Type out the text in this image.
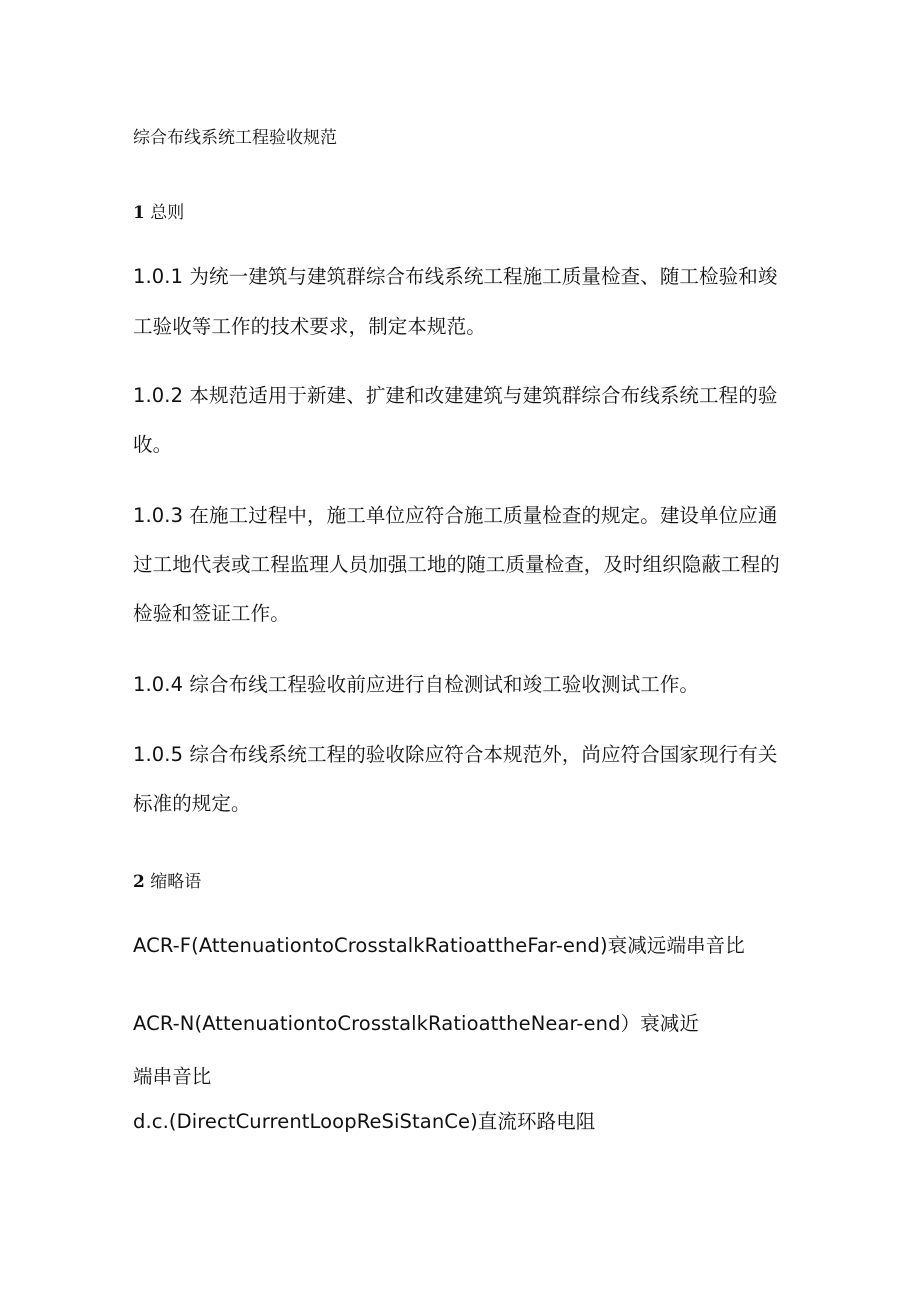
综合布线系统工程验收规范

1 总则

1.0.1 为统一建筑与建筑群综合布线系统工程施工质量检查、随工检验和竣

工验收等工作的技术要求，制定本规范。

1.0.2 本规范适用于新建、扩建和改建建筑与建筑群综合布线系统工程的验

收。

1.0.3 在施工过程中，施工单位应符合施工质量检查的规定。建设单位应通

过工地代表或工程监理人员加强工地的随工质量检查，及时组织隐蔽工程的

检验和签证工作。

1.0.4 综合布线工程验收前应进行自检测试和竣工验收测试工作。

1.0.5 综合布线系统工程的验收除应符合本规范外，尚应符合国家现行有关

标准的规定。

2 缩略语

ACR-F(AttenuationtoCrosstalkRatioattheFar-end)衰减远端串音比

ACR-N(AttenuationtoCrosstalkRatioattheNear-end）衰减近

端串音比

d.c.(DirectCurrentLoopReSiStanCe)直流环路电阻
